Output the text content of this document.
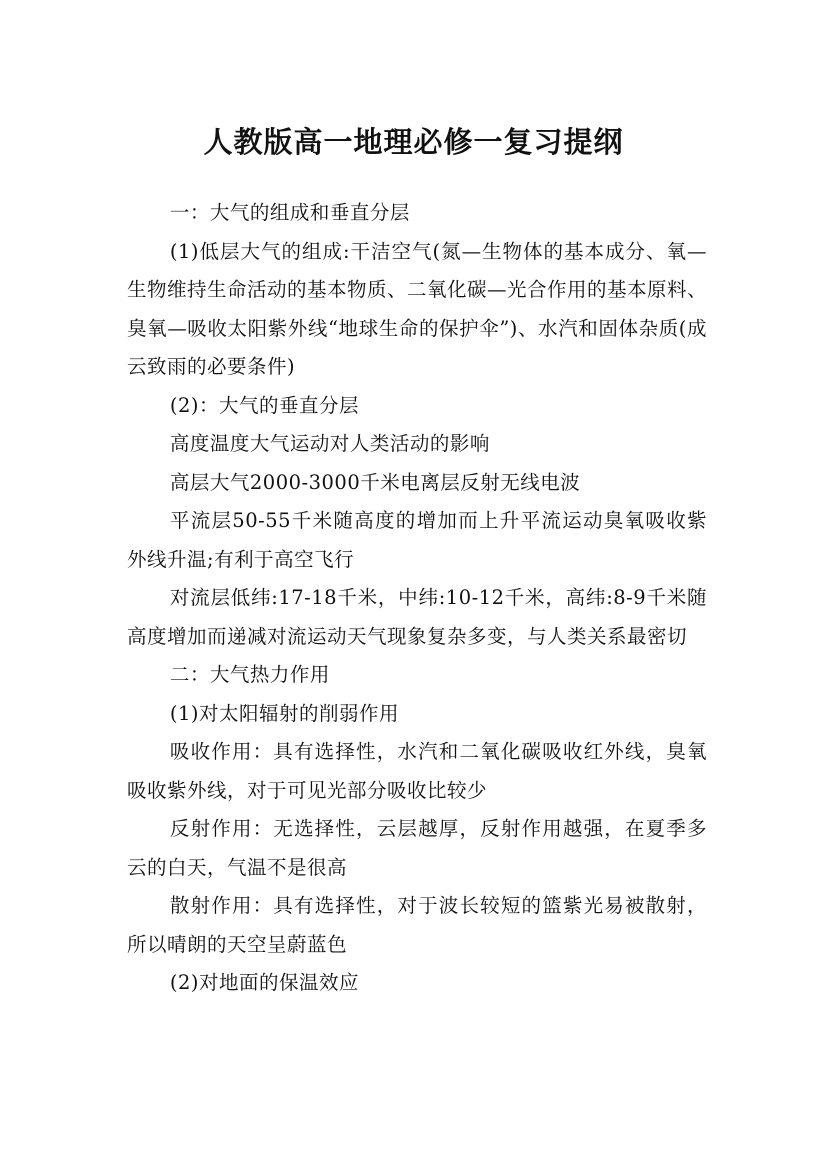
人教版高一地理必修一复习提纲

一：大气的组成和垂直分层

(1)低层大气的组成:干洁空气(氮—生物体的基本成分、氧—生物维持生命活动的基本物质、二氧化碳—光合作用的基本原料、臭氧—吸收太阳紫外线“地球生命的保护伞”)、水汽和固体杂质(成云致雨的必要条件)

(2)：大气的垂直分层

高度温度大气运动对人类活动的影响

高层大气2000-3000千米电离层反射无线电波

平流层50-55千米随高度的增加而上升平流运动臭氧吸收紫外线升温;有利于高空飞行

对流层低纬:17-18千米，中纬:10-12千米，高纬:8-9千米随高度增加而递减对流运动天气现象复杂多变，与人类关系最密切

二：大气热力作用

(1)对太阳辐射的削弱作用

吸收作用：具有选择性，水汽和二氧化碳吸收红外线，臭氧吸收紫外线，对于可见光部分吸收比较少

反射作用：无选择性，云层越厚，反射作用越强，在夏季多云的白天，气温不是很高

散射作用：具有选择性，对于波长较短的篮紫光易被散射，所以晴朗的天空呈蔚蓝色

(2)对地面的保温效应
